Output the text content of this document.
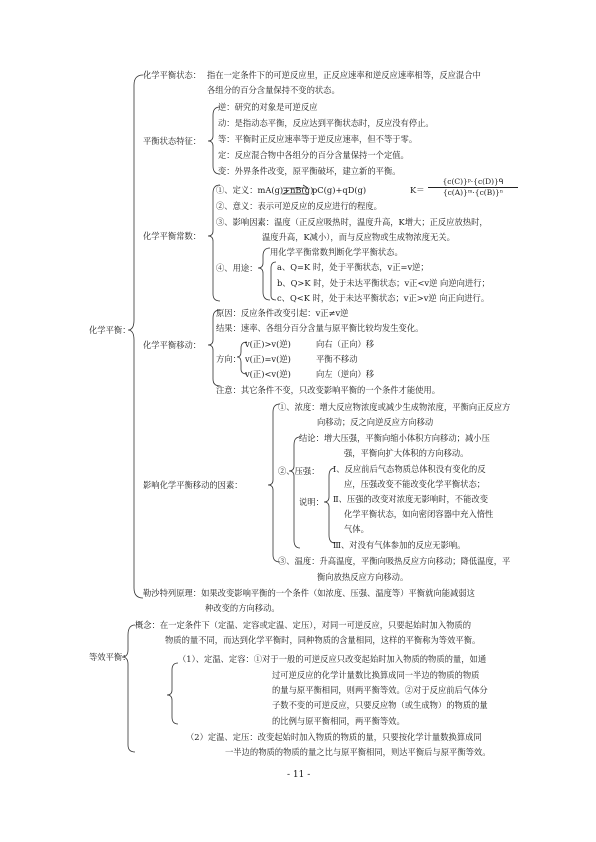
化学平衡：
化学平衡状态： 指在一定条件下的可逆反应里，正反应速率和逆反应速率相等，反应混合中
各组分的百分含量保持不变的状态。
平衡状态特征：
逆：研究的对象是可逆反应
动：是指动态平衡，反应达到平衡状态时，反应没有停止。
等：平衡时正反应速率等于逆反应速率，但不等于零。
定：反应混合物中各组分的百分含量保持一个定值。
变：外界条件改变，原平衡破坏，建立新的平衡。
化学平衡常数：
①、定义：mA(g)+nB(g)
pC(g)+qD(g)	K＝
{c(C)}ᵖ·{c(D)}ᑫ
{c(A)}ᵐ·{c(B)}ⁿ
②、意义：表示可逆反应的反应进行的程度。
③、影响因素：温度（正反应吸热时，温度升高，K增大；正反应放热时，
温度升高，K减小），而与反应物或生成物浓度无关。
④、用途：
用化学平衡常数判断化学平衡状态。
a、Q=K 时，处于平衡状态，v正=v逆；
b、Q>K 时，处于未达平衡状态；v正<v逆 向逆向进行；
c、Q<K 时，处于未达平衡状态；v正>v逆 向正向进行。
化学平衡移动：
原因：反应条件改变引起：v正≠v逆
结果：速率、各组分百分含量与原平衡比较均发生变化。
方向：
v(正)>v(逆)	向右（正向）移
v(正)=v(逆)	平衡不移动
v(正)<v(逆)	向左（逆向）移
注意：其它条件不变，只改变影响平衡的一个条件才能使用。
影响化学平衡移动的因素：
①、浓度：增大反应物浓度或减少生成物浓度，平衡向正反应方
向移动；反之向逆反应方向移动
②、压强：
结论：增大压强，平衡向缩小体积方向移动；减小压
强，平衡向扩大体积的方向移动。
说明：
Ⅰ、反应前后气态物质总体积没有变化的反
应，压强改变不能改变化学平衡状态；
Ⅱ、压强的改变对浓度无影响时，不能改变
化学平衡状态，如向密闭容器中充入惰性
气体。
Ⅲ、对没有气体参加的反应无影响。
③、温度：升高温度，平衡向吸热反应方向移动；降低温度，平
衡向放热反应方向移动。
勒沙特列原理：如果改变影响平衡的一个条件（如浓度、压强、温度等）平衡就向能减弱这
种改变的方向移动。
等效平衡：
概念：在一定条件下（定温、定容或定温、定压），对同一可逆反应，只要起始时加入物质的
物质的量不同，而达到化学平衡时，同种物质的含量相同，这样的平衡称为等效平衡。
（1）、定温、定容：①对于一般的可逆反应只改变起始时加入物质的物质的量，如通
过可逆反应的化学计量数比换算成同一半边的物质的物质
的量与原平衡相同，则两平衡等效。②对于反应前后气体分
子数不变的可逆反应，只要反应物（或生成物）的物质的量
的比例与原平衡相同，两平衡等效。
（2）定温、定压：改变起始时加入物质的物质的量，只要按化学计量数换算成同
一半边的物质的物质的量之比与原平衡相同，则达平衡后与原平衡等效。
- 11 -
